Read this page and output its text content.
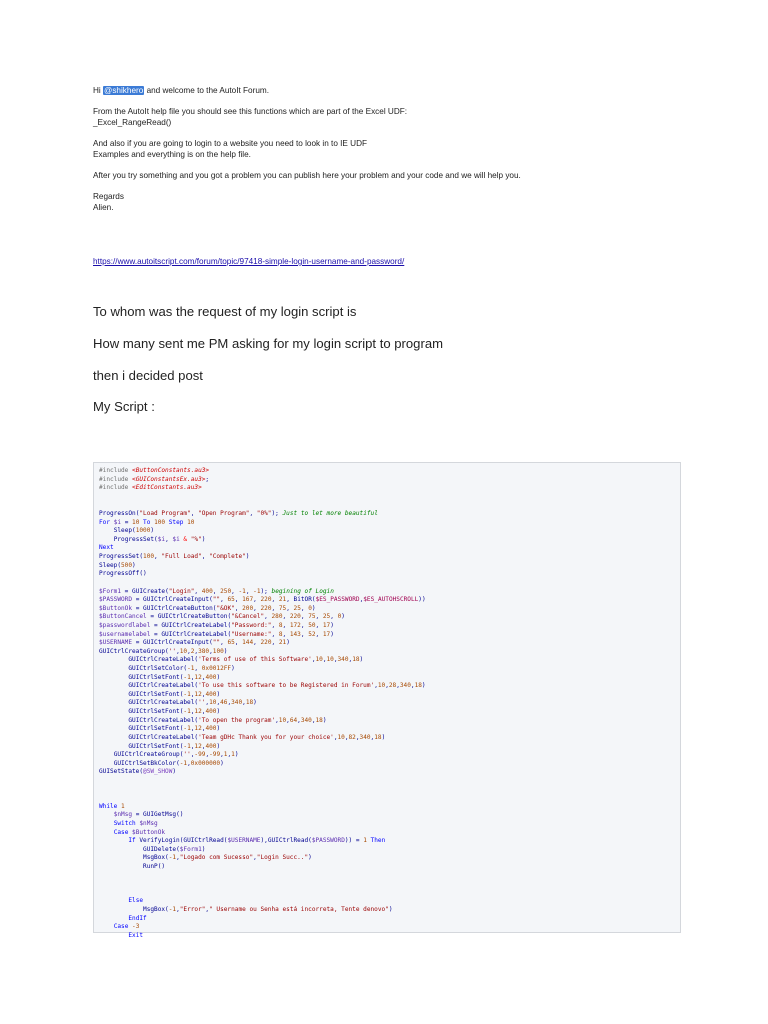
Hi @shikhero and welcome to the AutoIt Forum.

From the AutoIt help file you should see this functions which are part of the Excel UDF:
_Excel_RangeRead()

And also if you are going to login to a website you need to look in to IE UDF
Examples and everything is on the help file.

After you try something and you got a problem you can publish here your problem and your code and we will help you.

Regards
Alien.

https://www.autoitscript.com/forum/topic/97418-simple-login-username-and-password/
To whom was the request of my login script is
How many sent me PM asking for my login script to program
then i decided post
My Script :
#include <ButtonConstants.au3>
#include <GUIConstantsEx.au3>;
#include <EditConstants.au3>
ProgressOn("Load Program", "Open Program", "0%"); Just to let more beautiful
For $i = 10 To 100 Step 10
Sleep(1000)
ProgressSet($i, $i & "%")
Next
ProgressSet(100, "Full Load", "Complete")
Sleep(500)
ProgressOff()
$Form1 = GUICreate("Login", 400, 250, -1, -1); begining of Login
$PASSWORD = GUICtrlCreateInput("", 65, 167, 220, 21, BitOR($ES_PASSWORD,$ES_AUTOHSCROLL))
$ButtonOk = GUICtrlCreateButton("&OK", 200, 220, 75, 25, 0)
$ButtonCancel = GUICtrlCreateButton("&Cancel", 280, 220, 75, 25, 0)
$passwordlabel = GUICtrlCreateLabel("Password:", 8, 172, 50, 17)
$usernamelabel = GUICtrlCreateLabel("Username:", 8, 143, 52, 17)
$USERNAME = GUICtrlCreateInput("", 65, 144, 220, 21)
GUICtrlCreateGroup('',10,2,380,100)
GUICtrlCreateLabel('Terms of use of this Software',10,10,340,18)
GUICtrlSetColor(-1, 0x0012FF)
GUICtrlSetFont(-1,12,400)
GUICtrlCreateLabel('To use this software to be Registered in Forum',10,28,340,18)
GUICtrlSetFont(-1,12,400)
GUICtrlCreateLabel('',10,46,340,18)
GUICtrlSetFont(-1,12,400)
GUICtrlCreateLabel('To open the program',10,64,340,18)
GUICtrlSetFont(-1,12,400)
GUICtrlCreateLabel('Team gDHc Thank you for your choice',10,82,340,18)
GUICtrlSetFont(-1,12,400)
GUICtrlCreateGroup('',-99,-99,1,1)
GUICtrlSetBkColor(-1,0x000000)
GUISetState(@SW_SHOW)
While 1
$nMsg = GUIGetMsg()
Switch $nMsg
Case $ButtonOk
If VerifyLogin(GUICtrlRead($USERNAME),GUICtrlRead($PASSWORD)) = 1 Then
GUIDelete($Form1)
MsgBox(-1,"Logado com Sucesso","Login Succ..")
RunP()
Else
MsgBox(-1,"Error"," Username ou Senha está incorreta, Tente denovo")
EndIf
Case -3
Exit
